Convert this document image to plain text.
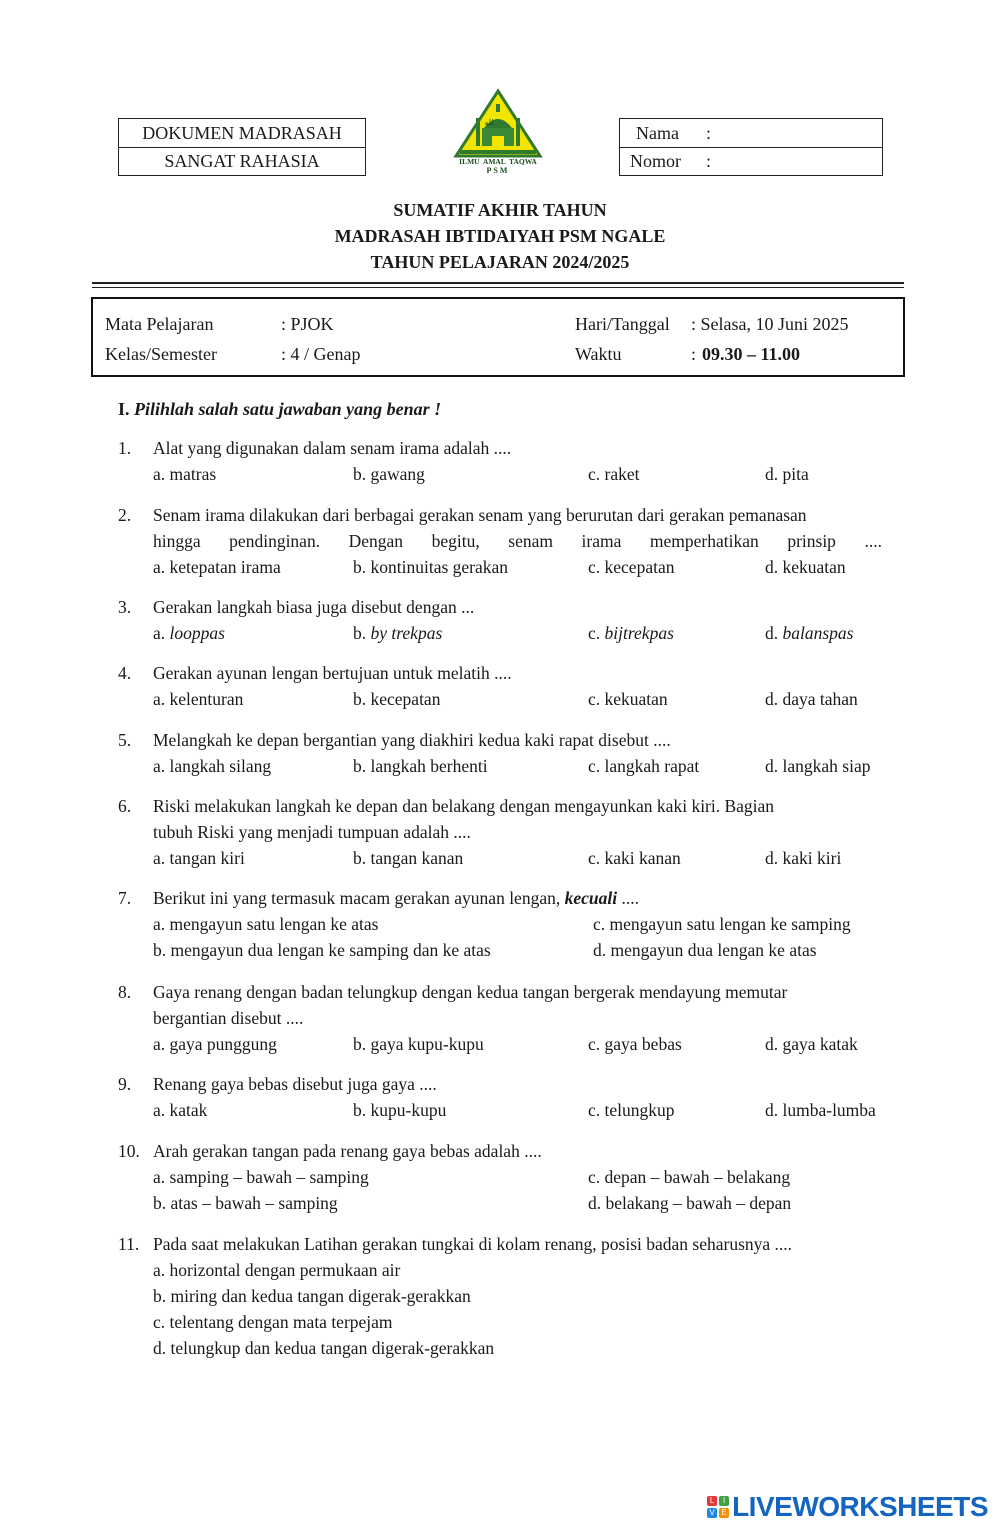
DOKUMEN MADRASAH
SANGAT RAHASIA
لله
ILMU  AMAL  TAQWA
PSM
Nama :
Nomor :
SUMATIF AKHIR TAHUN
MADRASAH IBTIDAIYAH PSM NGALE
TAHUN PELAJARAN 2024/2025
Mata Pelajaran	: PJOK
Kelas/Semester	: 4 / Genap
Hari/Tanggal : Selasa, 10 Juni 2025
Waktu	: 09.30 – 11.00
I. Pilihlah salah satu jawaban yang benar !
1. Alat yang digunakan dalam senam irama adalah ....
a. matras	b. gawang	c. raket	d. pita
2. Senam irama dilakukan dari berbagai gerakan senam yang berurutan dari gerakan pemanasan
hingga pendinginan. Dengan begitu, senam irama memperhatikan prinsip ....
a. ketepatan irama	b. kontinuitas gerakan	c. kecepatan	d. kekuatan
3. Gerakan langkah biasa juga disebut dengan ...
a. looppas	b. by trekpas	c. bijtrekpas	d. balanspas
4. Gerakan ayunan lengan bertujuan untuk melatih ....
a. kelenturan	b. kecepatan	c. kekuatan	d. daya tahan
5. Melangkah ke depan bergantian yang diakhiri kedua kaki rapat disebut ....
a. langkah silang	b. langkah berhenti	c. langkah rapat	d. langkah siap
6. Riski melakukan langkah ke depan dan belakang dengan mengayunkan kaki kiri. Bagian
tubuh Riski yang menjadi tumpuan adalah ....
a. tangan kiri	b. tangan kanan	c. kaki kanan	d. kaki kiri
7. Berikut ini yang termasuk macam gerakan ayunan lengan, kecuali ....
a. mengayun satu lengan ke atas	c. mengayun satu lengan ke samping
b. mengayun dua lengan ke samping dan ke atas	d. mengayun dua lengan ke atas
8. Gaya renang dengan badan telungkup dengan kedua tangan bergerak mendayung memutar
bergantian disebut ....
a. gaya punggung	b. gaya kupu-kupu	c. gaya bebas	d. gaya katak
9. Renang gaya bebas disebut juga gaya ....
a. katak	b. kupu-kupu	c. telungkup	d. lumba-lumba
10. Arah gerakan tangan pada renang gaya bebas adalah ....
a. samping – bawah – samping	c. depan – bawah – belakang
b. atas – bawah – samping	d. belakang – bawah – depan
11. Pada saat melakukan Latihan gerakan tungkai di kolam renang, posisi badan seharusnya ....
a. horizontal dengan permukaan air
b. miring dan kedua tangan digerak-gerakkan
c. telentang dengan mata terpejam
d. telungkup dan kedua tangan digerak-gerakkan
L	I
V E LIVEWORKSHEETS
